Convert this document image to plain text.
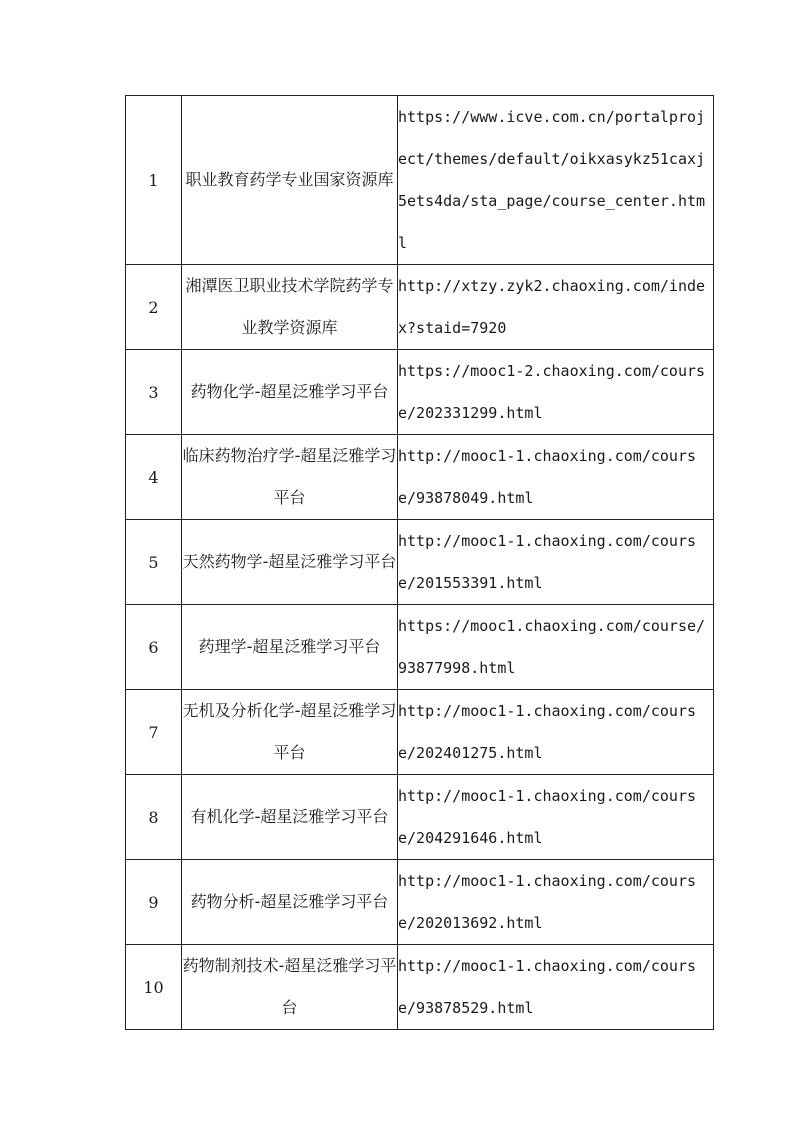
1	职业教育药学专业国家资源库	https://www.icve.com.cn/portalproject/themes/default/oikxasykz51caxj5ets4da/sta_page/course_center.html
2	湘潭医卫职业技术学院药学专业教学资源库	http://xtzy.zyk2.chaoxing.com/index?staid=7920
3	药物化学-超星泛雅学习平台	https://mooc1-2.chaoxing.com/course/202331299.html
4	临床药物治疗学-超星泛雅学习平台	http://mooc1-1.chaoxing.com/course/93878049.html
5	天然药物学-超星泛雅学习平台	http://mooc1-1.chaoxing.com/course/201553391.html
6	药理学-超星泛雅学习平台	https://mooc1.chaoxing.com/course/93877998.html
7	无机及分析化学-超星泛雅学习平台	http://mooc1-1.chaoxing.com/course/202401275.html
8	有机化学-超星泛雅学习平台	http://mooc1-1.chaoxing.com/course/204291646.html
9	药物分析-超星泛雅学习平台	http://mooc1-1.chaoxing.com/course/202013692.html
10	药物制剂技术-超星泛雅学习平台	http://mooc1-1.chaoxing.com/course/93878529.html
